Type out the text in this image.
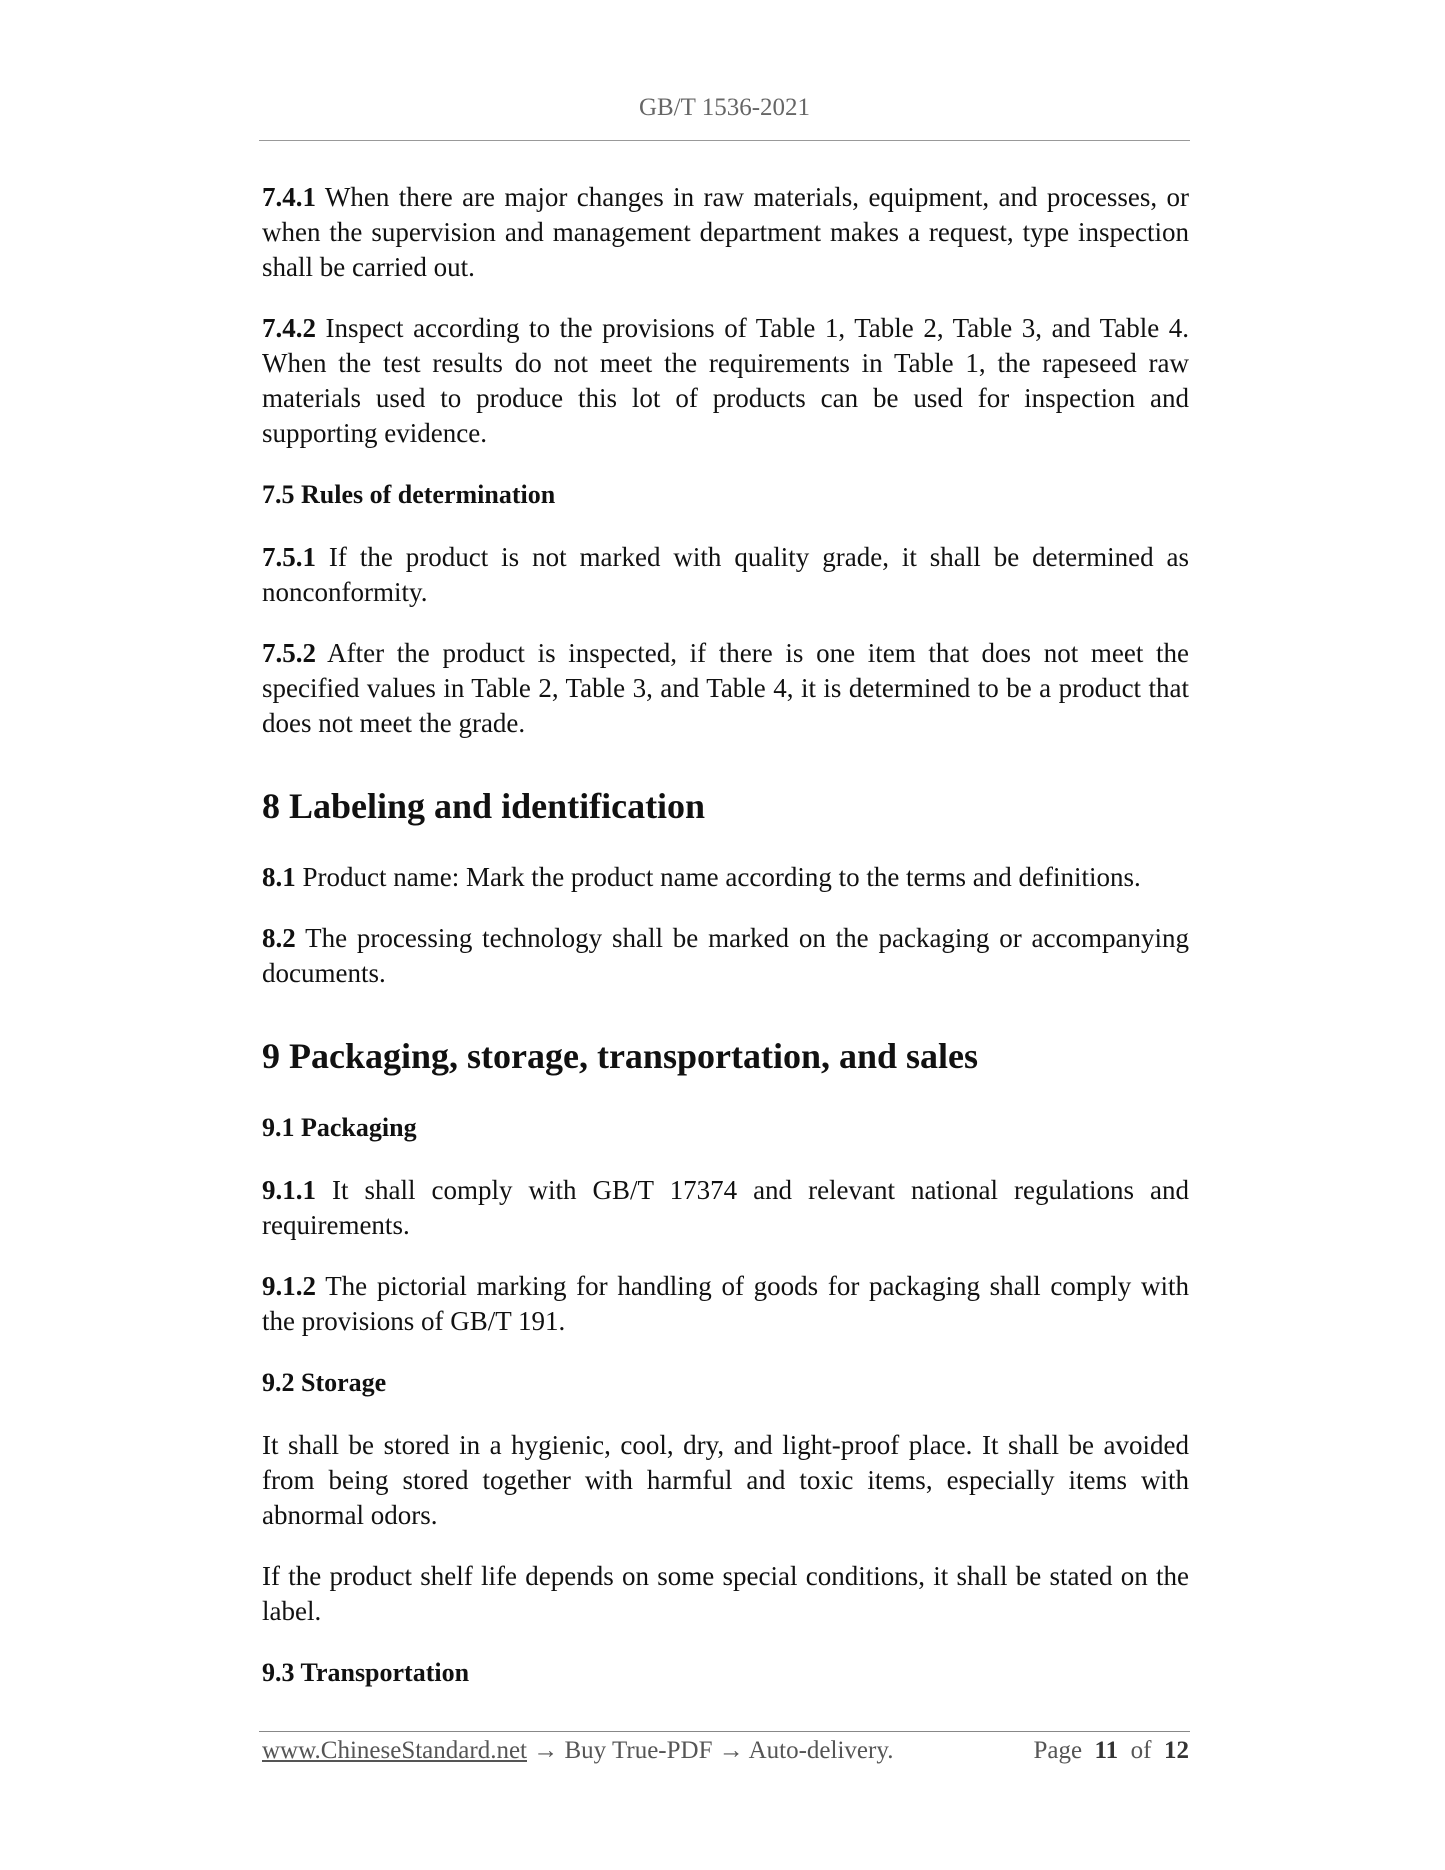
GB/T 1536-2021

7.4.1 When there are major changes in raw materials, equipment, and processes, or when the supervision and management department makes a request, type inspection shall be carried out.

7.4.2 Inspect according to the provisions of Table 1, Table 2, Table 3, and Table 4. When the test results do not meet the requirements in Table 1, the rapeseed raw materials used to produce this lot of products can be used for inspection and supporting evidence.

7.5 Rules of determination

7.5.1 If the product is not marked with quality grade, it shall be determined as nonconformity.

7.5.2 After the product is inspected, if there is one item that does not meet the specified values in Table 2, Table 3, and Table 4, it is determined to be a product that does not meet the grade.

8 Labeling and identification

8.1 Product name: Mark the product name according to the terms and definitions.

8.2 The processing technology shall be marked on the packaging or accompanying documents.

9 Packaging, storage, transportation, and sales
9.1 Packaging

9.1.1 It shall comply with GB/T 17374 and relevant national regulations and requirements.

9.1.2 The pictorial marking for handling of goods for packaging shall comply with the provisions of GB/T 191.

9.2 Storage

It shall be stored in a hygienic, cool, dry, and light-proof place. It shall be avoided from being stored together with harmful and toxic items, especially items with abnormal odors.

If the product shelf life depends on some special conditions, it shall be stated on the label.

9.3 Transportation
www.ChineseStandard.net → Buy True-PDF → Auto-delivery.	Page 11 of 12
